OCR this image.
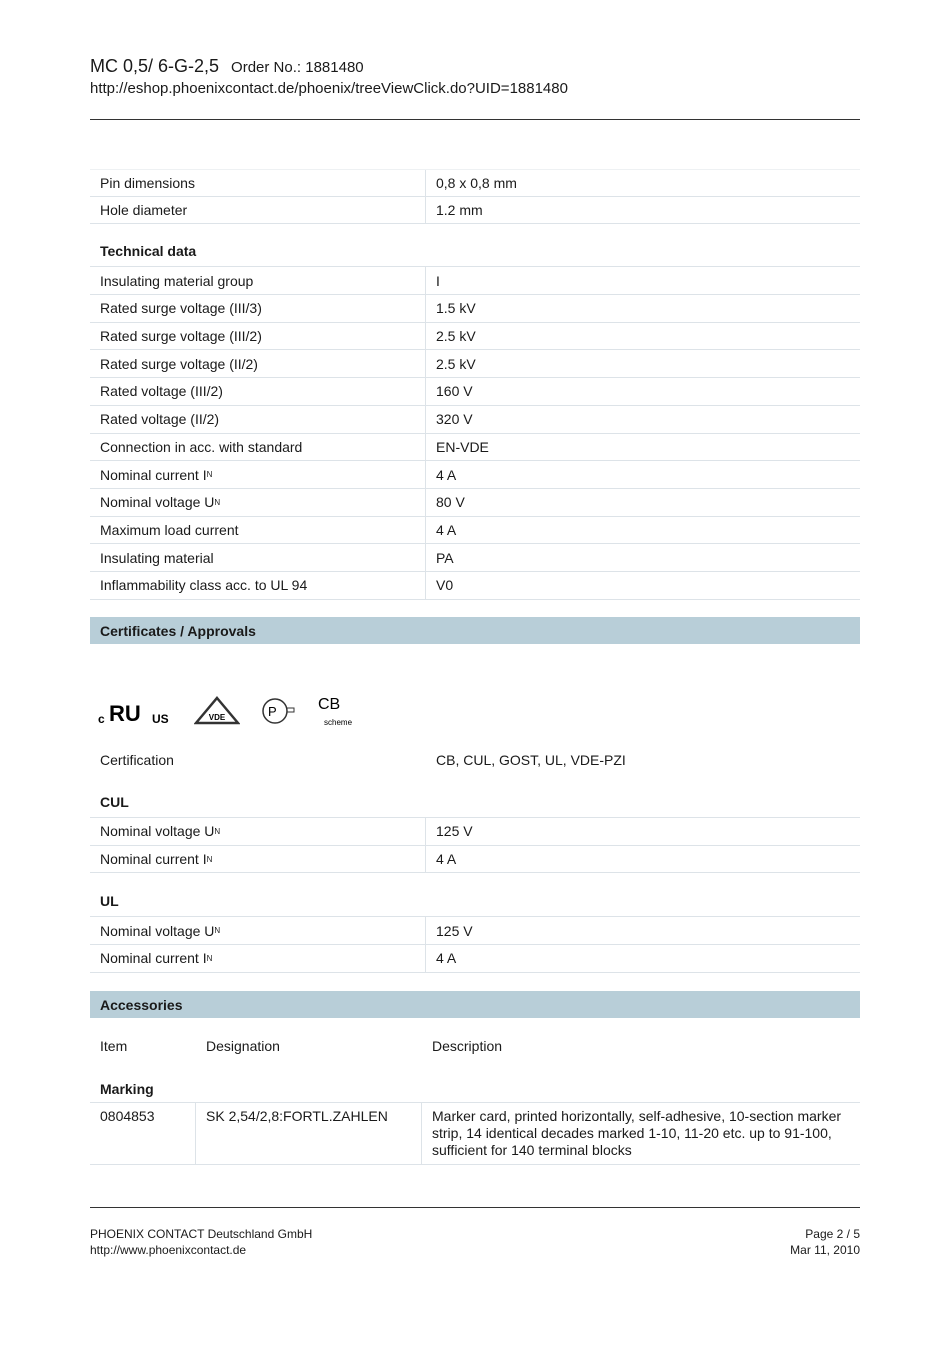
MC 0,5/ 6-G-2,5 Order No.: 1881480
http://eshop.phoenixcontact.de/phoenix/treeViewClick.do?UID=1881480
Pin dimensions	0,8 x 0,8 mm
Hole diameter	1.2 mm
Technical data
Insulating material group	I
Rated surge voltage (III/3)	1.5 kV
Rated surge voltage (III/2)	2.5 kV
Rated surge voltage (II/2)	2.5 kV
Rated voltage (III/2)	160 V
Rated voltage (II/2)	320 V
Connection in acc. with standard	EN-VDE
Nominal current I N	4 A
Nominal voltage U N	80 V
Maximum load current	4 A
Insulating material	PA
Inflammability class acc. to UL 94	V0
Certificates / Approvals
c RU US	VDE	P	CB
scheme
Certification	CB, CUL, GOST, UL, VDE-PZI
CUL
Nominal voltage U N	125 V
Nominal current I N	4 A
UL
Nominal voltage U N	125 V
Nominal current I N	4 A
Accessories
Item	Designation	Description
Marking
0804853	SK 2,54/2,8:FORTL.ZAHLEN	Marker card, printed horizontally, self-adhesive, 10-section marker strip, 14 identical decades marked 1-10, 11-20 etc. up to 91-100, sufficient for 140 terminal blocks
PHOENIX CONTACT Deutschland GmbH
http://www.phoenixcontact.de
Page 2 / 5
Mar 11, 2010
